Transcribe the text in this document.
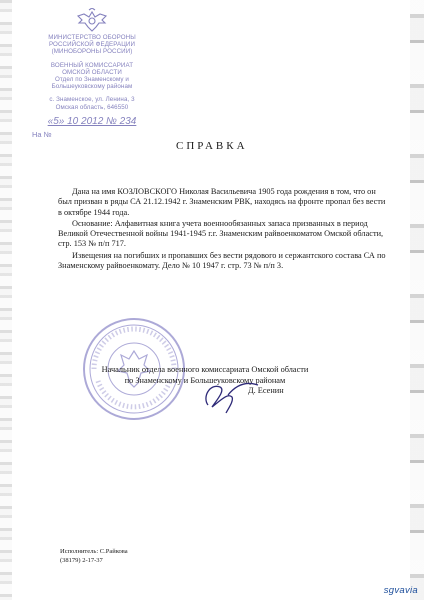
МИНИСТЕРСТВО ОБОРОНЫ
РОССИЙСКОЙ ФЕДЕРАЦИИ
(МИНОБОРОНЫ РОССИИ)
ВОЕННЫЙ КОМИССАРИАТ
ОМСКОЙ ОБЛАСТИ
Отдел по Знаменскому и
Большеуковскому районам
с. Знаменское, ул. Ленина, 3
Омская область, 646550
«5» 10 2012 № 234
На №
СПРАВКА

Дана на имя КОЗЛОВСКОГО Николая Васильевича 1905 года рождения в том, что он был призван в ряды СА 21.12.1942 г. Знаменским РВК, находясь на фронте пропал без вести в октябре 1944 года.

Основание: Алфавитная книга учета военнообязанных запаса призванных в период Великой Отечественной войны 1941-1945 г.г. Знаменским райвоенкоматом Омской области, стр. 153 № п/п 717.

Извещения на погибших и пропавших без вести рядового и сержантского состава СА по Знаменскому райвоенкомату. Дело № 10 1947 г. стр. 73 № п/п 3.

Начальник отдела военного комиссариата Омской области
по Знаменскому и Большеуковскому районам
Д. Есенин
Исполнитель: С.Райкова
(38179) 2-17-37
sgvavia
